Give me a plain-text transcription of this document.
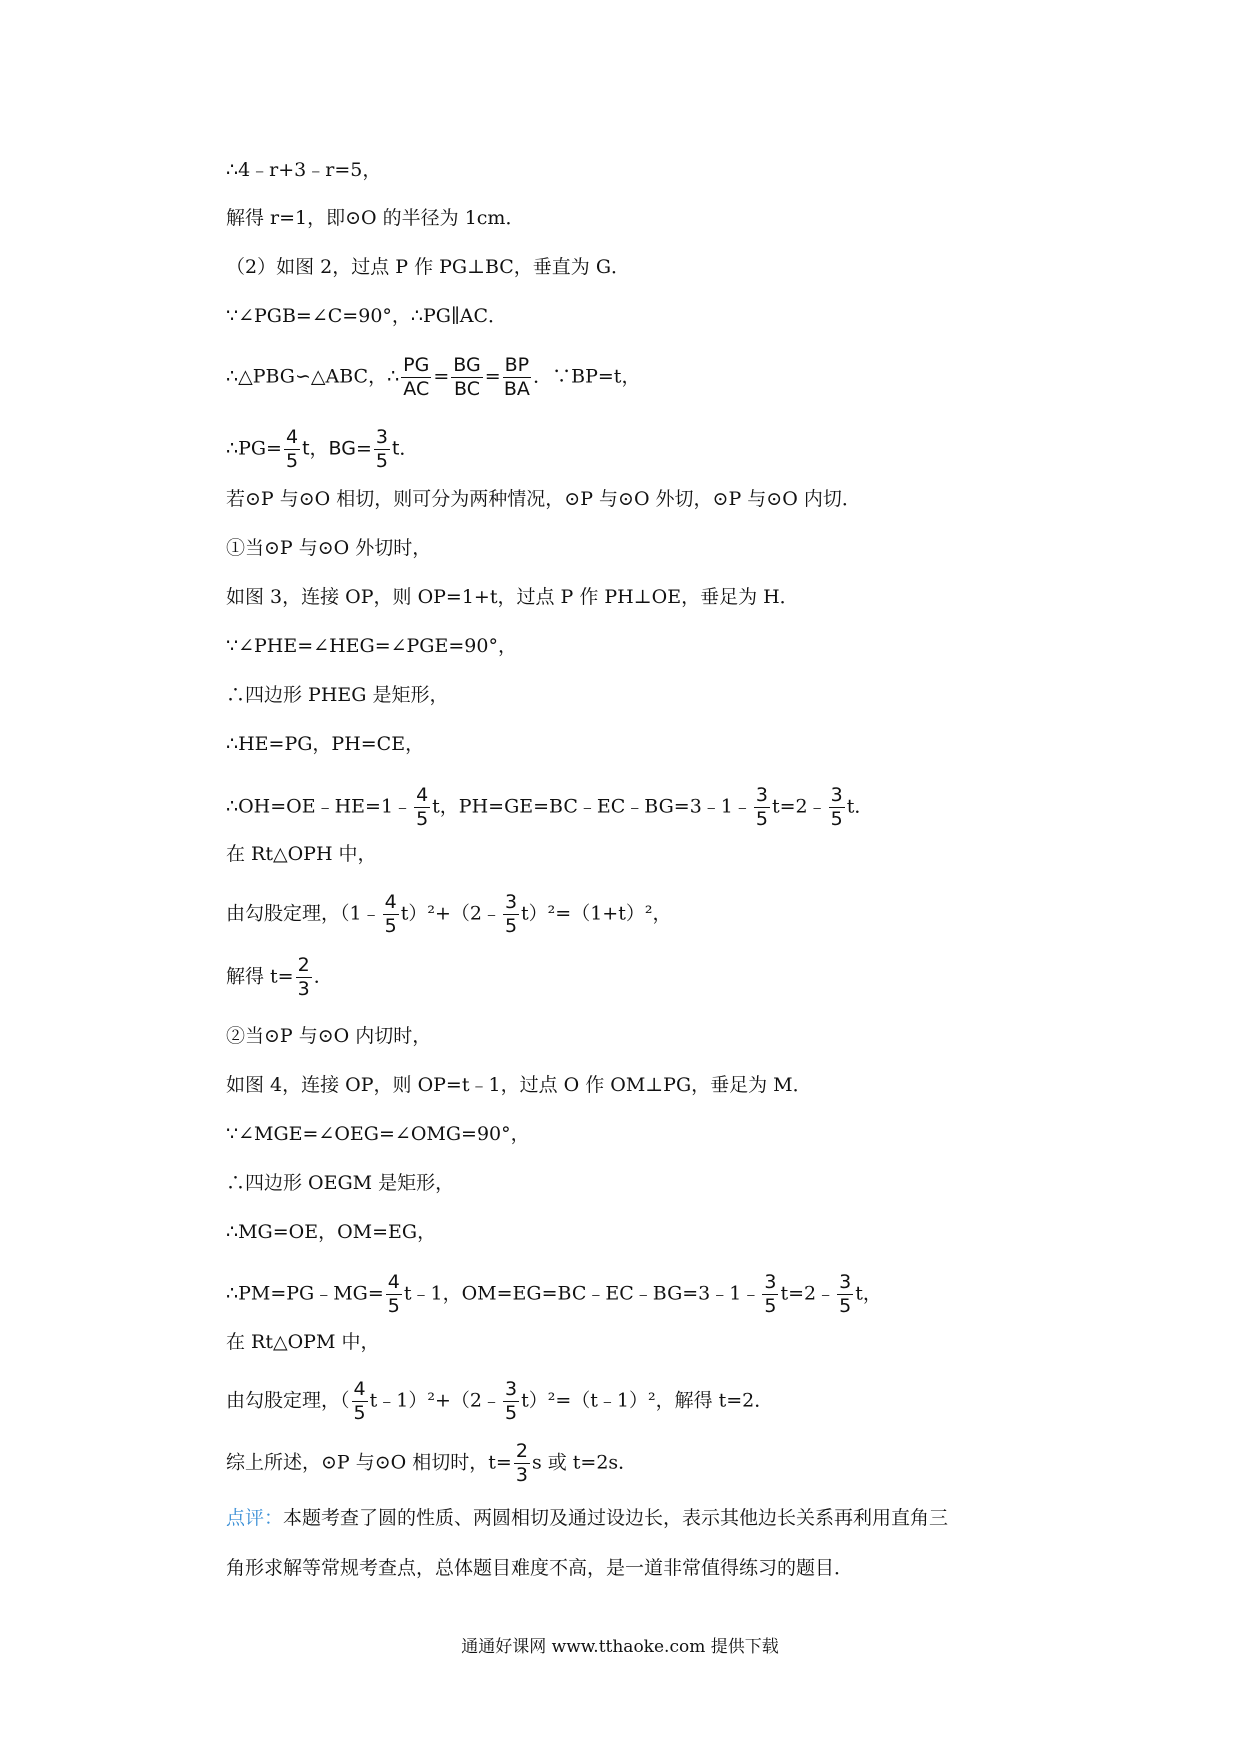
∴4﹣r+3﹣r=5，
解得 r=1，即⊙O 的半径为 1cm．
（2）如图 2，过点 P 作 PG⊥BC，垂直为 G．
∵∠PGB=∠C=90°，∴PG∥AC．
∴△PBG∽△ABC，∴ $\frac{PG}{AC} = \frac{BG}{BC} = \frac{BP}{BA}$ ．∵BP=t，
∴PG= $\frac{4}{5}$ t，$BG= \frac{3}{5}$ t．
若⊙P 与⊙O 相切，则可分为两种情况，⊙P 与⊙O 外切，⊙P 与⊙O 内切．
①当⊙P 与⊙O 外切时，
如图 3，连接 OP，则 OP=1+t，过点 P 作 PH⊥OE，垂足为 H．
∵∠PHE=∠HEG=∠PGE=90°，
∴四边形 PHEG 是矩形，
∴HE=PG，PH=CE，
∴OH=OE﹣HE=1﹣ $\frac{4}{5}$ t，PH=GE=BC﹣EC﹣BG=3﹣1﹣ $\frac{3}{5}$ t=2﹣ $\frac{3}{5}$ t．
在 Rt△OPH 中，
由勾股定理，（1﹣ $\frac{4}{5}$ t）²+（2﹣ $\frac{3}{5} t)^2=(1+t)^2$，
解得 $t= \frac{2}{3}$ ．
②当⊙P 与⊙O 内切时，
如图 4，连接 OP，则 OP=t﹣1，过点 O 作 OM⊥PG，垂足为 M．
∵∠MGE=∠OEG=∠OMG=90°，
∴四边形 OEGM 是矩形，
∴MG=OE，OM=EG，
∴PM=PG﹣MG= $\frac{4}{5}$ t﹣1，OM=EG=BC﹣EC﹣BG=3﹣1﹣ $\frac{3}{5}$ t=2﹣ $\frac{3}{5}$ t，
在 Rt△OPM 中，
由勾股定理，（ $\frac{4}{5}$ t﹣1）²+（2﹣ $\frac{3}{5}$ t）²=（t﹣1）²，解得 t=2．
综上所述，⊙P 与⊙O 相切时，$t= \frac{2}{3}$ s 或 t=2s．
点评：本题考查了圆的性质、两圆相切及通过设边长，表示其他边长关系再利用直角三
角形求解等常规考查点，总体题目难度不高，是一道非常值得练习的题目．
通通好课网 www.tthaoke.com 提供下载
